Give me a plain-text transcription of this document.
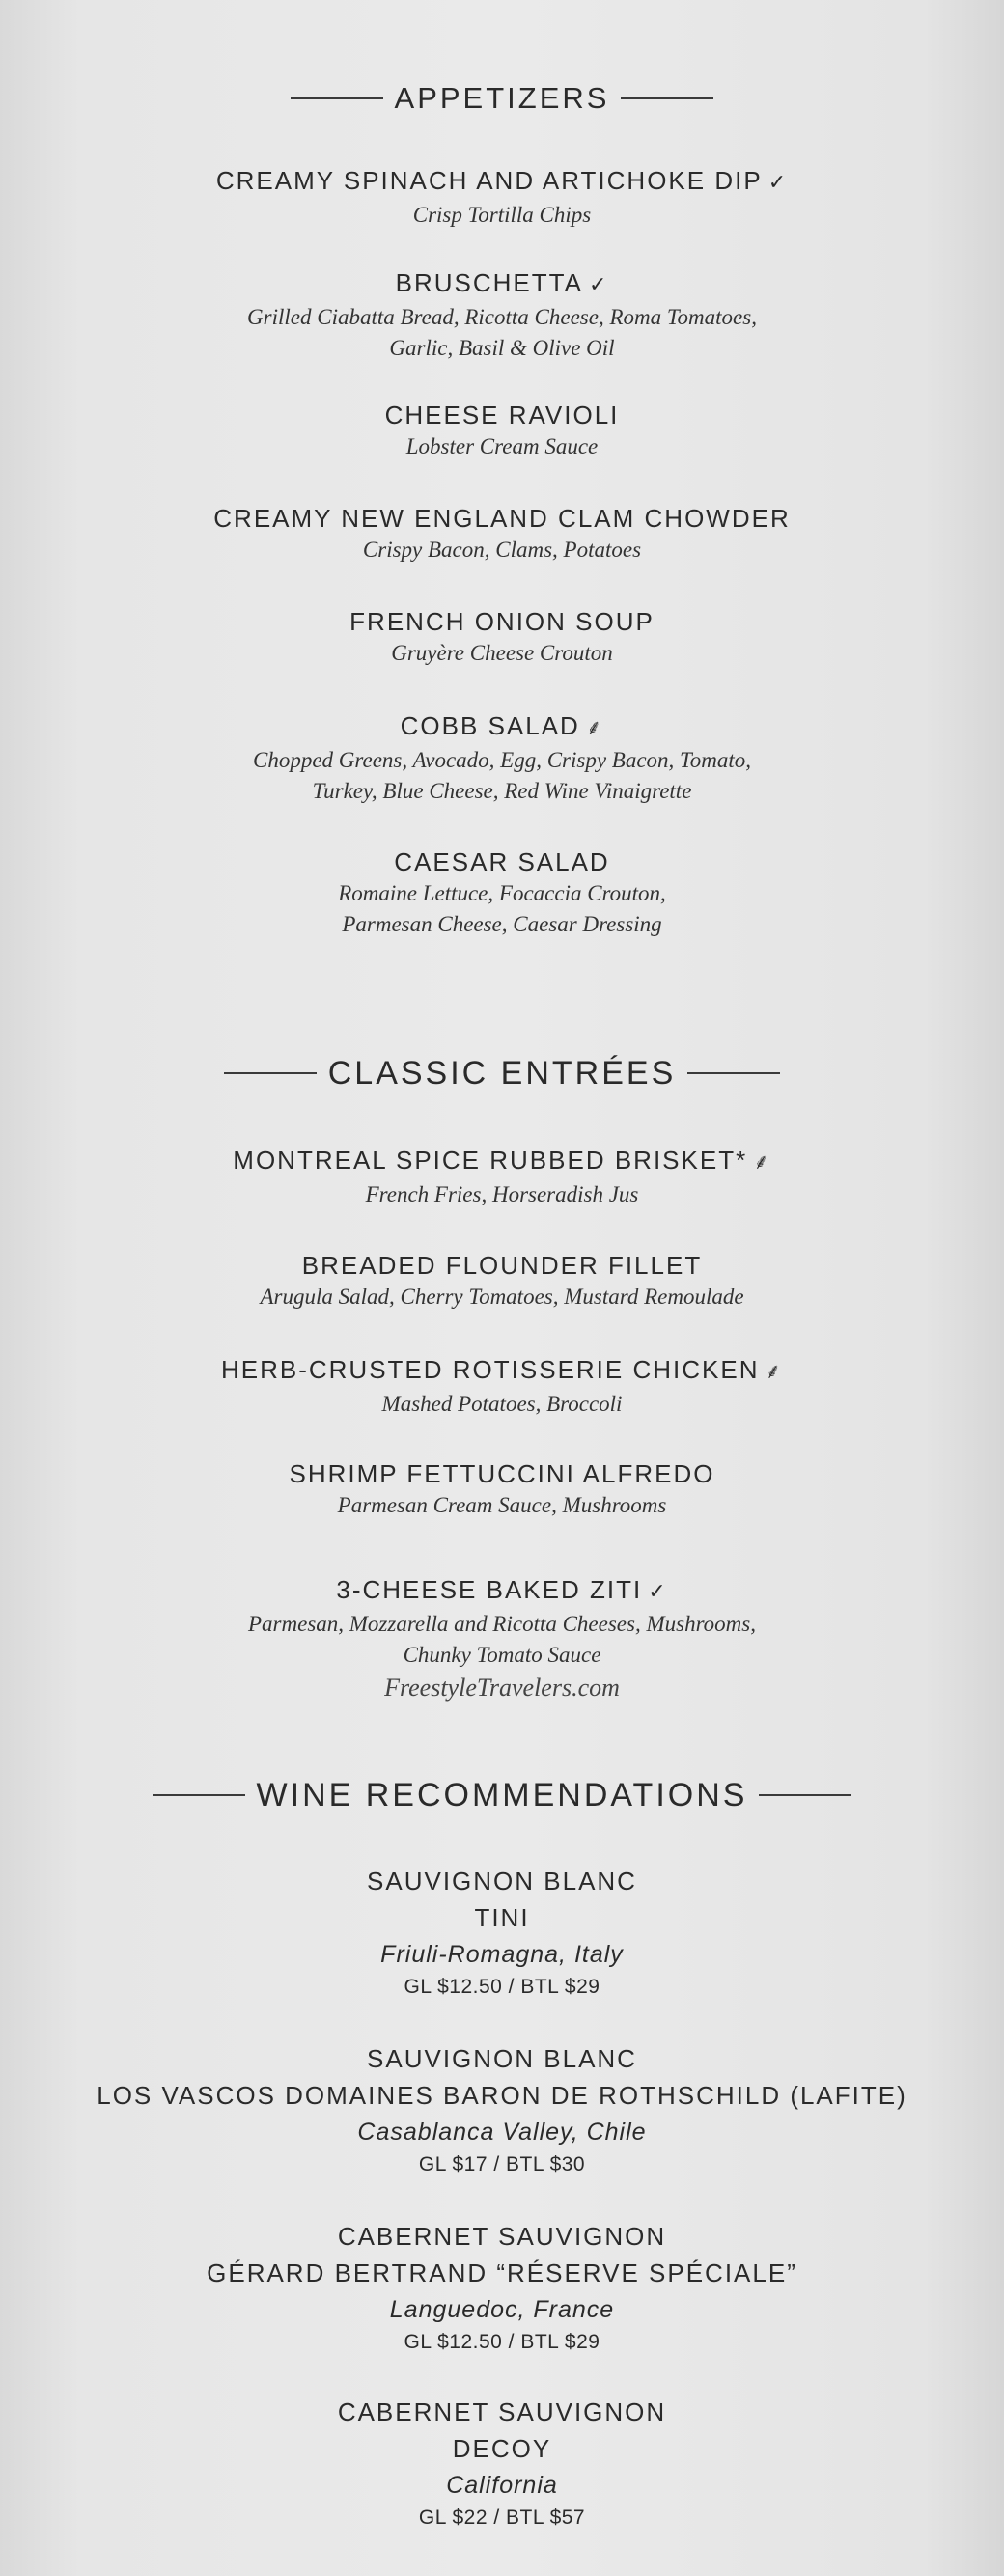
APPETIZERS
CREAMY SPINACH AND ARTICHOKE DIP ✓
Crisp Tortilla Chips
BRUSCHETTA ✓
Grilled Ciabatta Bread, Ricotta Cheese, Roma Tomatoes,
Garlic, Basil & Olive Oil
CHEESE RAVIOLI
Lobster Cream Sauce
CREAMY NEW ENGLAND CLAM CHOWDER
Crispy Bacon, Clams, Potatoes
FRENCH ONION SOUP
Gruyère Cheese Crouton
COBB SALAD ⸙
Chopped Greens, Avocado, Egg, Crispy Bacon, Tomato,
Turkey, Blue Cheese, Red Wine Vinaigrette
CAESAR SALAD
Romaine Lettuce, Focaccia Crouton,
Parmesan Cheese, Caesar Dressing
CLASSIC ENTRÉES
MONTREAL SPICE RUBBED BRISKET* ⸙
French Fries, Horseradish Jus
BREADED FLOUNDER FILLET
Arugula Salad, Cherry Tomatoes, Mustard Remoulade
HERB-CRUSTED ROTISSERIE CHICKEN ⸙
Mashed Potatoes, Broccoli
SHRIMP FETTUCCINI ALFREDO
Parmesan Cream Sauce, Mushrooms
3-CHEESE BAKED ZITI ✓
Parmesan, Mozzarella and Ricotta Cheeses, Mushrooms,
Chunky Tomato Sauce
FreestyleTravelers.com
WINE RECOMMENDATIONS
SAUVIGNON BLANC
TINI
Friuli-Romagna, Italy
GL $12.50 / BTL $29
SAUVIGNON BLANC
LOS VASCOS DOMAINES BARON DE ROTHSCHILD (LAFITE)
Casablanca Valley, Chile
GL $17 / BTL $30
CABERNET SAUVIGNON
GÉRARD BERTRAND “RÉSERVE SPÉCIALE”
Languedoc, France
GL $12.50 / BTL $29
CABERNET SAUVIGNON
DECOY
California
GL $22 / BTL $57
